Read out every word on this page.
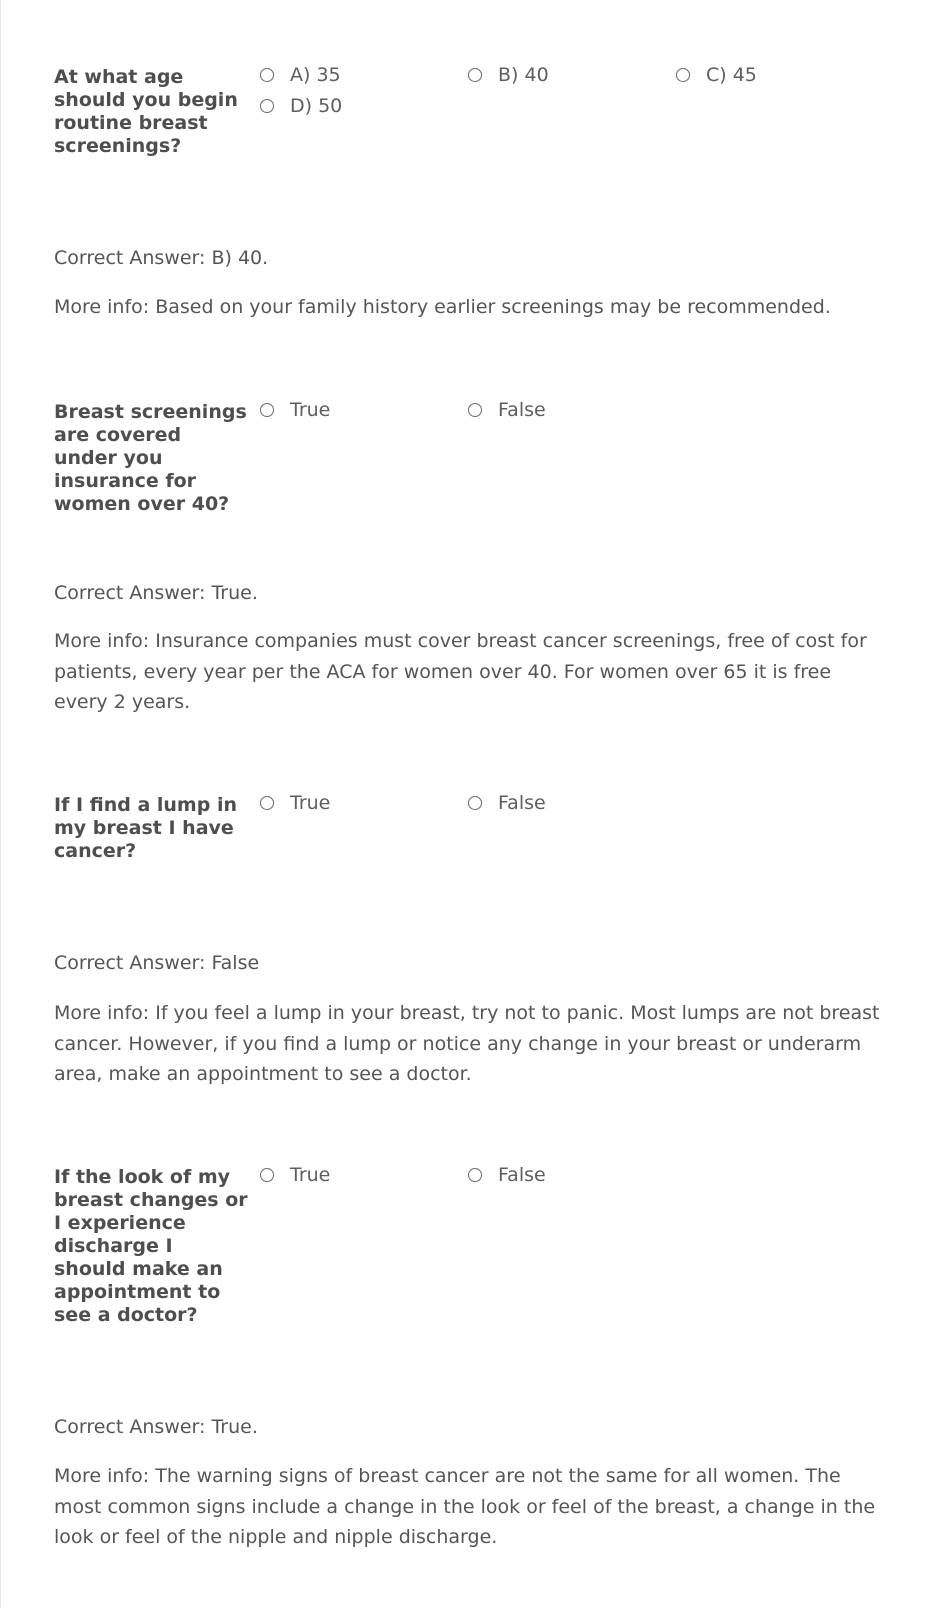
At what age should you begin routine breast screenings?
A) 35	B) 40	C) 45
D) 50
Correct Answer: B) 40.
More info: Based on your family history earlier screenings may be recommended.
Breast screenings are covered under you insurance for women over 40?
True	False
Correct Answer: True.
More info: Insurance companies must cover breast cancer screenings, free of cost for patients, every year per the ACA for women over 40. For women over 65 it is free every 2 years.
If I find a lump in my breast I have cancer?
True	False
Correct Answer: False
More info: If you feel a lump in your breast, try not to panic. Most lumps are not breast cancer. However, if you find a lump or notice any change in your breast or underarm area, make an appointment to see a doctor.
If the look of my breast changes or I experience discharge I should make an appointment to see a doctor?
True	False
Correct Answer: True.
More info: The warning signs of breast cancer are not the same for all women. The most common signs include a change in the look or feel of the breast, a change in the look or feel of the nipple and nipple discharge.
